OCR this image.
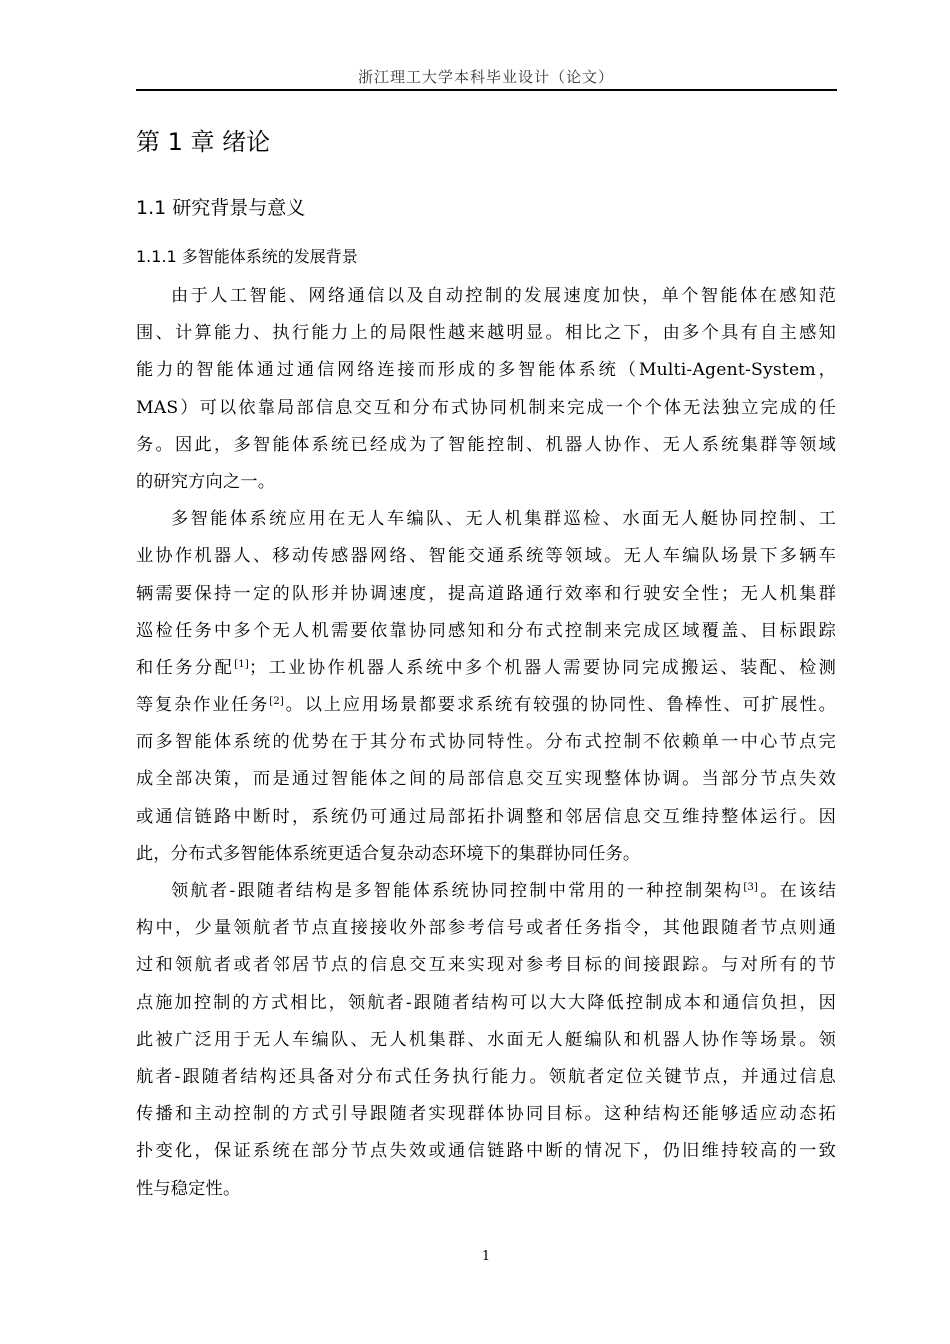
浙江理工大学本科毕业设计（论文）
第 1 章 绪论
1.1 研究背景与意义
1.1.1 多智能体系统的发展背景
由于人工智能、网络通信以及自动控制的发展速度加快，单个智能体在感知范
围、计算能力、执行能力上的局限性越来越明显。相比之下，由多个具有自主感知
能力的智能体通过通信网络连接而形成的多智能体系统（Multi-Agent-System，
MAS）可以依靠局部信息交互和分布式协同机制来完成一个个体无法独立完成的任
务。因此，多智能体系统已经成为了智能控制、机器人协作、无人系统集群等领域
的研究方向之一。
多智能体系统应用在无人车编队、无人机集群巡检、水面无人艇协同控制、工
业协作机器人、移动传感器网络、智能交通系统等领域。无人车编队场景下多辆车
辆需要保持一定的队形并协调速度，提高道路通行效率和行驶安全性；无人机集群
巡检任务中多个无人机需要依靠协同感知和分布式控制来完成区域覆盖、目标跟踪
和任务分配[1]；工业协作机器人系统中多个机器人需要协同完成搬运、装配、检测
等复杂作业任务[2]。以上应用场景都要求系统有较强的协同性、鲁棒性、可扩展性。
而多智能体系统的优势在于其分布式协同特性。分布式控制不依赖单一中心节点完
成全部决策，而是通过智能体之间的局部信息交互实现整体协调。当部分节点失效
或通信链路中断时，系统仍可通过局部拓扑调整和邻居信息交互维持整体运行。因
此，分布式多智能体系统更适合复杂动态环境下的集群协同任务。
领航者-跟随者结构是多智能体系统协同控制中常用的一种控制架构[3]。在该结
构中，少量领航者节点直接接收外部参考信号或者任务指令，其他跟随者节点则通
过和领航者或者邻居节点的信息交互来实现对参考目标的间接跟踪。与对所有的节
点施加控制的方式相比，领航者-跟随者结构可以大大降低控制成本和通信负担，因
此被广泛用于无人车编队、无人机集群、水面无人艇编队和机器人协作等场景。领
航者-跟随者结构还具备对分布式任务执行能力。领航者定位关键节点，并通过信息
传播和主动控制的方式引导跟随者实现群体协同目标。这种结构还能够适应动态拓
扑变化，保证系统在部分节点失效或通信链路中断的情况下，仍旧维持较高的一致
性与稳定性。
1
